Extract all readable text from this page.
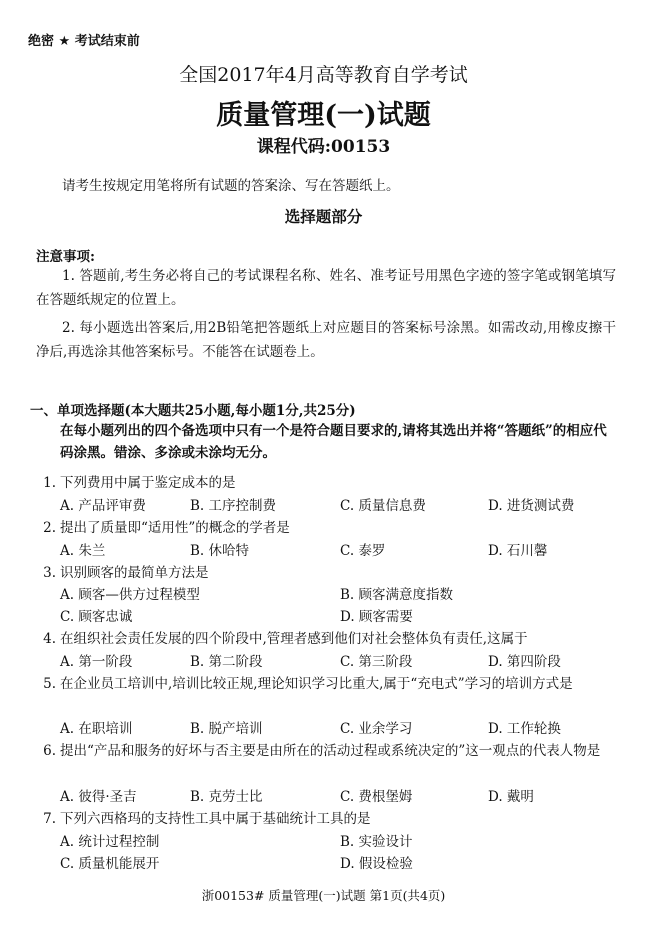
绝密 ★ 考试结束前
全国2017年4月高等教育自学考试
质量管理(一)试题
课程代码:00153
请考生按规定用笔将所有试题的答案涂、写在答题纸上。
选择题部分
注意事项:
1. 答题前,考生务必将自己的考试课程名称、姓名、准考证号用黑色字迹的签字笔或钢笔填写在答题纸规定的位置上。
2. 每小题选出答案后,用2B铅笔把答题纸上对应题目的答案标号涂黑。如需改动,用橡皮擦干净后,再选涂其他答案标号。不能答在试题卷上。
一、单项选择题(本大题共25小题,每小题1分,共25分)
在每小题列出的四个备选项中只有一个是符合题目要求的,请将其选出并将“答题纸”的相应代码涂黑。错涂、多涂或未涂均无分。
1. 下列费用中属于鉴定成本的是
A. 产品评审费	B. 工序控制费	C. 质量信息费	D. 进货测试费
2. 提出了质量即“适用性”的概念的学者是
A. 朱兰	B. 休哈特	C. 泰罗	D. 石川馨
3. 识别顾客的最简单方法是
A. 顾客—供方过程模型	B. 顾客满意度指数
C. 顾客忠诚	D. 顾客需要
4. 在组织社会责任发展的四个阶段中,管理者感到他们对社会整体负有责任,这属于
A. 第一阶段	B. 第二阶段	C. 第三阶段	D. 第四阶段
5. 在企业员工培训中,培训比较正规,理论知识学习比重大,属于“充电式”学习的培训方式是
A. 在职培训	B. 脱产培训	C. 业余学习	D. 工作轮换
6. 提出“产品和服务的好坏与否主要是由所在的活动过程或系统决定的”这一观点的代表人物是
A. 彼得·圣吉	B. 克劳士比	C. 费根堡姆	D. 戴明
7. 下列六西格玛的支持性工具中属于基础统计工具的是
A. 统计过程控制	B. 实验设计
C. 质量机能展开	D. 假设检验
浙00153# 质量管理(一)试题 第1页(共4页)
